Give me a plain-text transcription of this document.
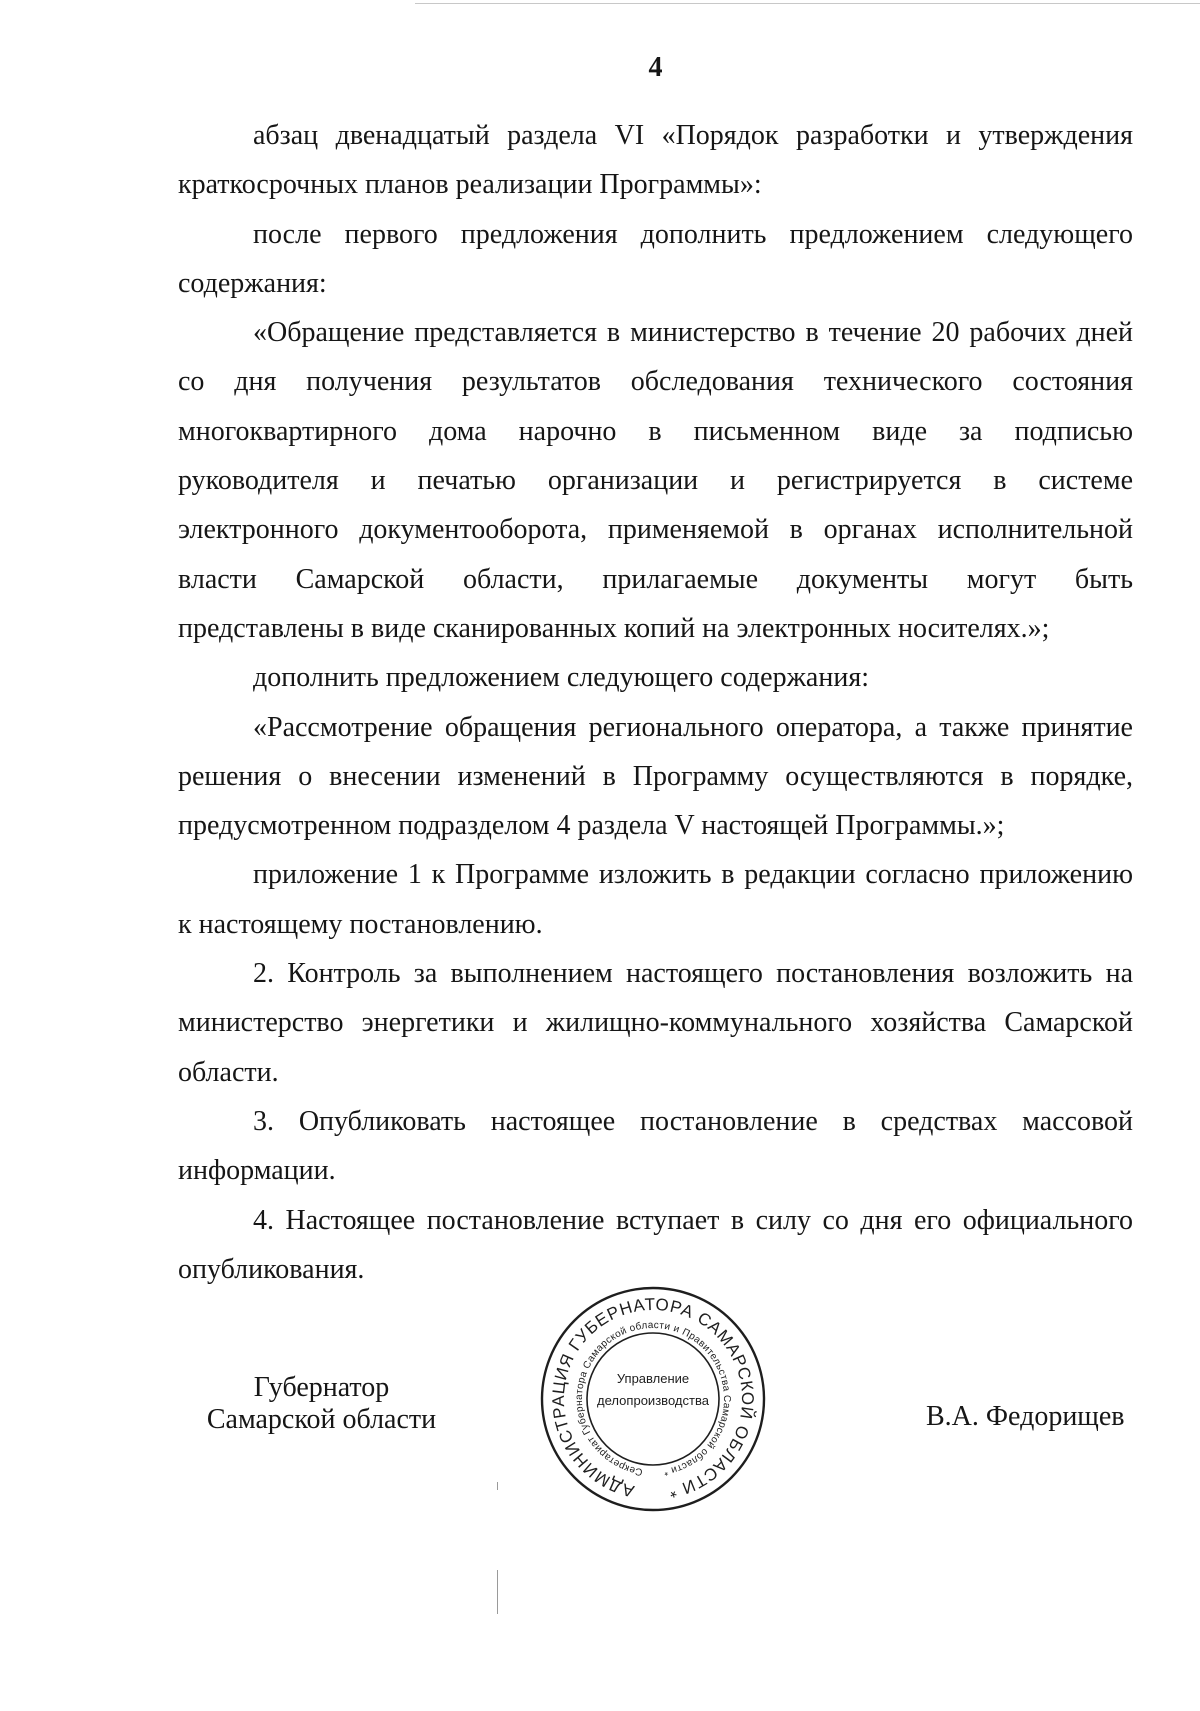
4
абзац двенадцатый раздела VI «Порядок разработки и утверждения
краткосрочных планов реализации Программы»:
после первого предложения дополнить предложением следующего
содержания:
«Обращение представляется в министерство в течение 20 рабочих дней
со дня получения результатов обследования технического состояния
многоквартирного дома нарочно в письменном виде за подписью
руководителя и печатью организации и регистрируется в системе
электронного документооборота, применяемой в органах исполнительной
власти Самарской области, прилагаемые документы могут быть
представлены в виде сканированных копий на электронных носителях.»;
дополнить предложением следующего содержания:
«Рассмотрение обращения регионального оператора, а также принятие
решения о внесении изменений в Программу осуществляются в порядке,
предусмотренном подразделом 4 раздела V настоящей Программы.»;
приложение 1 к Программе изложить в редакции согласно приложению
к настоящему постановлению.
2. Контроль за выполнением настоящего постановления возложить на
министерство энергетики и жилищно-коммунального хозяйства Самарской
области.
3. Опубликовать настоящее постановление в средствах массовой
информации.
4. Настоящее постановление вступает в силу со дня его официального
опубликования.
Губернатор
Самарской области
АДМИНИСТРАЦИЯ ГУБЕРНАТОРА САМАРСКОЙ ОБЛАСТИ *
Секретариат Губернатора Самарской области и Правительства Самарской области *
Управление
делопроизводства
В.А. Федорищев
